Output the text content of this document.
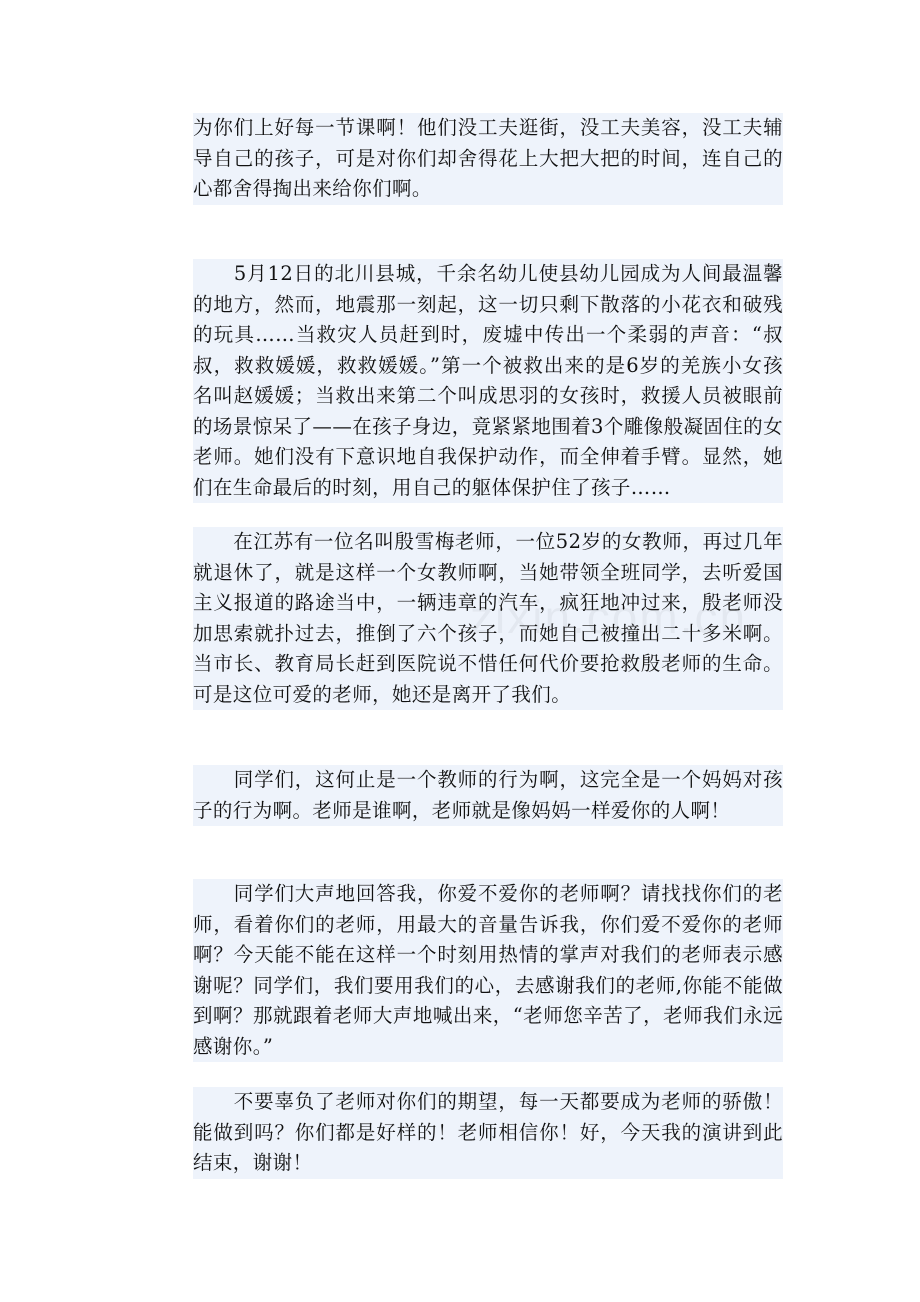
为你们上好每一节课啊！他们没工夫逛街，没工夫美容，没工夫辅导自己的孩子，可是对你们却舍得花上大把大把的时间，连自己的心都舍得掏出来给你们啊。
　　5月12日的北川县城，千余名幼儿使县幼儿园成为人间最温馨的地方，然而，地震那一刻起，这一切只剩下散落的小花衣和破残的玩具……当救灾人员赶到时，废墟中传出一个柔弱的声音：“叔叔，救救媛媛，救救媛媛。”第一个被救出来的是6岁的羌族小女孩名叫赵媛媛；当救出来第二个叫成思羽的女孩时，救援人员被眼前的场景惊呆了——在孩子身边，竟紧紧地围着3个雕像般凝固住的女老师。她们没有下意识地自我保护动作，而全伸着手臂。显然，她们在生命最后的时刻，用自己的躯体保护住了孩子……
　　在江苏有一位名叫殷雪梅老师，一位52岁的女教师，再过几年就退休了，就是这样一个女教师啊，当她带领全班同学，去听爱国主义报道的路途当中，一辆违章的汽车，疯狂地冲过来，殷老师没加思索就扑过去，推倒了六个孩子，而她自己被撞出二十多米啊。当市长、教育局长赶到医院说不惜任何代价要抢救殷老师的生命。可是这位可爱的老师，她还是离开了我们。
　　同学们，这何止是一个教师的行为啊，这完全是一个妈妈对孩子的行为啊。老师是谁啊，老师就是像妈妈一样爱你的人啊！
　　同学们大声地回答我，你爱不爱你的老师啊？请找找你们的老师，看着你们的老师，用最大的音量告诉我，你们爱不爱你的老师啊？今天能不能在这样一个时刻用热情的掌声对我们的老师表示感谢呢？同学们，我们要用我们的心，去感谢我们的老师,你能不能做到啊？那就跟着老师大声地喊出来，“老师您辛苦了，老师我们永远感谢你。”
　　不要辜负了老师对你们的期望，每一天都要成为老师的骄傲！能做到吗？你们都是好样的！老师相信你！好，今天我的演讲到此结束，谢谢！
